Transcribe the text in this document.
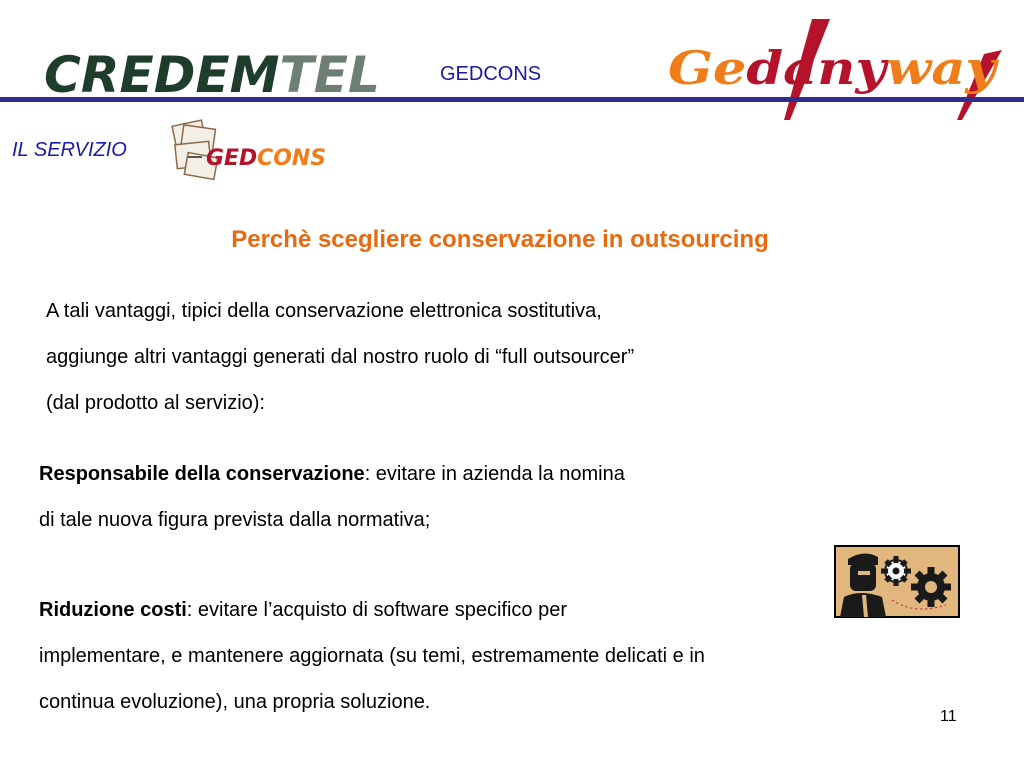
CREDEMTEL	GEDCONS	Ge d any way
IL SERVIZIO	GEDCONS
Perchè scegliere conservazione in outsourcing
A tali vantaggi, tipici della conservazione elettronica sostitutiva,
aggiunge altri vantaggi generati dal nostro ruolo di “full outsourcer”
(dal prodotto al servizio):
Responsabile della conservazione: evitare in azienda la nomina
di tale nuova figura prevista dalla normativa;
Riduzione costi: evitare l’acquisto di software specifico per
implementare, e mantenere aggiornata (su temi, estremamente delicati e in continua evoluzione), una propria soluzione.
11
